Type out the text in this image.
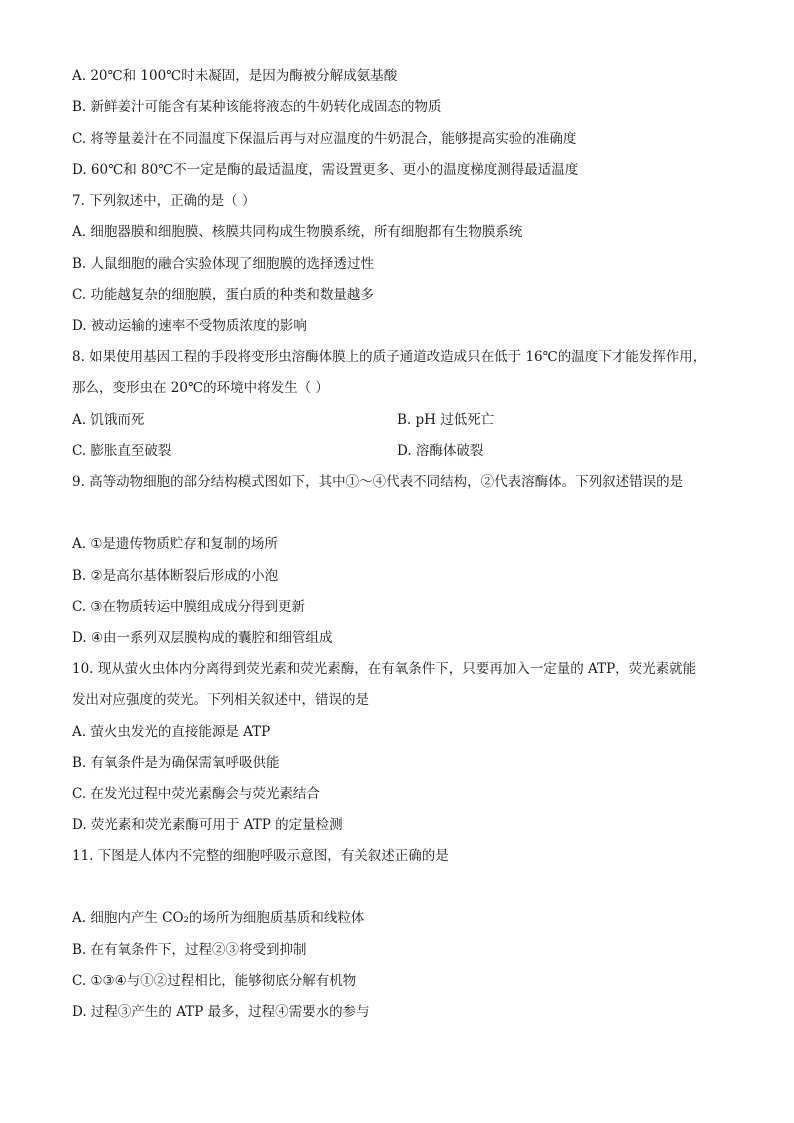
A. 20℃和 100℃时未凝固，是因为酶被分解成氨基酸
B. 新鲜姜汁可能含有某种该能将液态的牛奶转化成固态的物质
C. 将等量姜汁在不同温度下保温后再与对应温度的牛奶混合，能够提高实验的准确度
D. 60℃和 80℃不一定是酶的最适温度，需设置更多、更小的温度梯度测得最适温度
7. 下列叙述中，正确的是（ ）
A. 细胞器膜和细胞膜、核膜共同构成生物膜系统，所有细胞都有生物膜系统
B. 人鼠细胞的融合实验体现了细胞膜的选择透过性
C. 功能越复杂的细胞膜，蛋白质的种类和数量越多
D. 被动运输的速率不受物质浓度的影响
8. 如果使用基因工程的手段将变形虫溶酶体膜上的质子通道改造成只在低于 16℃的温度下才能发挥作用，
那么，变形虫在 20℃的环境中将发生（ ）
A. 饥饿而死	B. pH 过低死亡
C. 膨胀直至破裂	D. 溶酶体破裂
9. 高等动物细胞的部分结构模式图如下，其中①～④代表不同结构，②代表溶酶体。下列叙述错误的是
A. ①是遗传物质贮存和复制的场所
B. ②是高尔基体断裂后形成的小泡
C. ③在物质转运中膜组成成分得到更新
D. ④由一系列双层膜构成的囊腔和细管组成
10. 现从萤火虫体内分离得到荧光素和荧光素酶，在有氧条件下，只要再加入一定量的 ATP，荧光素就能
发出对应强度的荧光。下列相关叙述中，错误的是
A. 萤火虫发光的直接能源是 ATP
B. 有氧条件是为确保需氧呼吸供能
C. 在发光过程中荧光素酶会与荧光素结合
D. 荧光素和荧光素酶可用于 ATP 的定量检测
11. 下图是人体内不完整的细胞呼吸示意图，有关叙述正确的是
A. 细胞内产生 CO₂的场所为细胞质基质和线粒体
B. 在有氧条件下，过程②③将受到抑制
C. ①③④与①②过程相比，能够彻底分解有机物
D. 过程③产生的 ATP 最多，过程④需要水的参与
